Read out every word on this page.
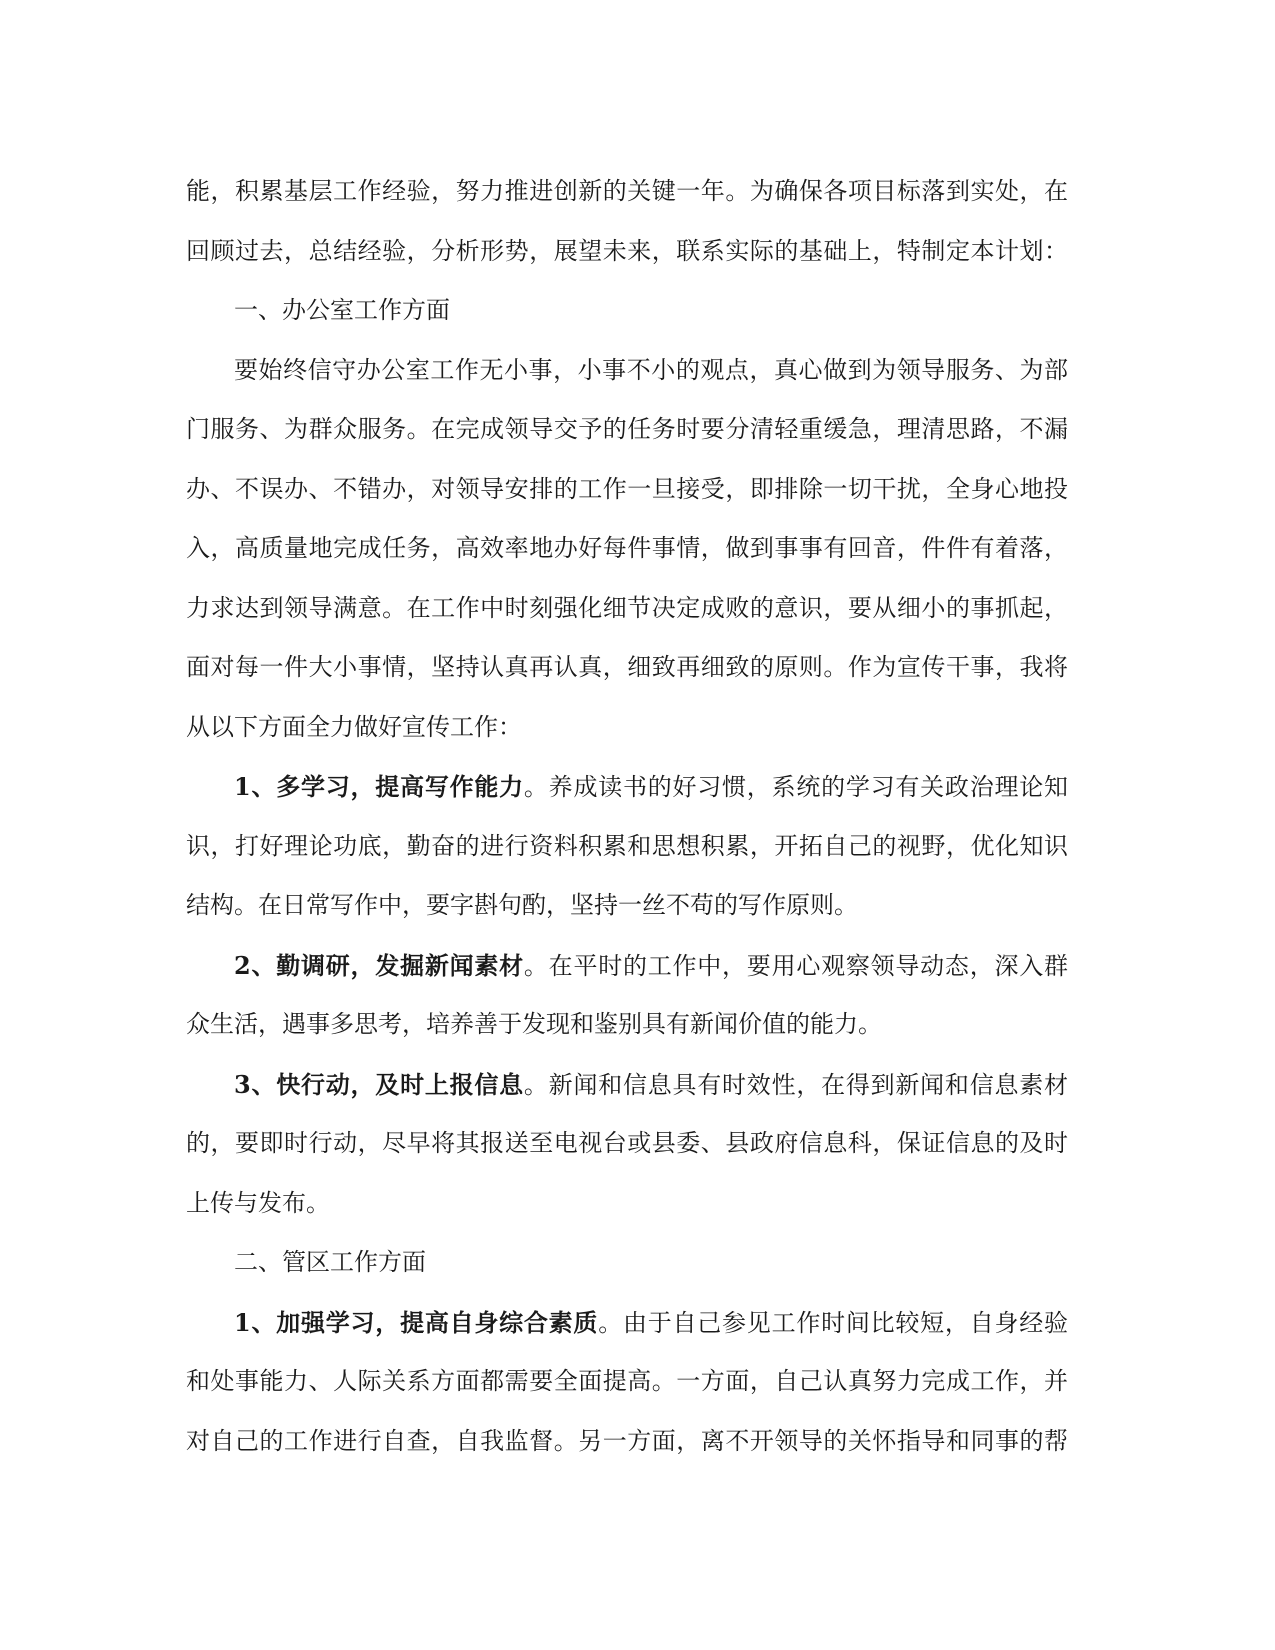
能，积累基层工作经验，努力推进创新的关键一年。为确保各项目标落到实处，在
回顾过去，总结经验，分析形势，展望未来，联系实际的基础上，特制定本计划：
一、办公室工作方面
要始终信守办公室工作无小事，小事不小的观点，真心做到为领导服务、为部
门服务、为群众服务。在完成领导交予的任务时要分清轻重缓急，理清思路，不漏
办、不误办、不错办，对领导安排的工作一旦接受，即排除一切干扰，全身心地投
入，高质量地完成任务，高效率地办好每件事情，做到事事有回音，件件有着落，
力求达到领导满意。在工作中时刻强化细节决定成败的意识，要从细小的事抓起，
面对每一件大小事情，坚持认真再认真，细致再细致的原则。作为宣传干事，我将
从以下方面全力做好宣传工作：
1、多学习，提高写作能力。养成读书的好习惯，系统的学习有关政治理论知
识，打好理论功底，勤奋的进行资料积累和思想积累，开拓自己的视野，优化知识
结构。在日常写作中，要字斟句酌，坚持一丝不苟的写作原则。
2、勤调研，发掘新闻素材。在平时的工作中，要用心观察领导动态，深入群
众生活，遇事多思考，培养善于发现和鉴别具有新闻价值的能力。
3、快行动，及时上报信息。新闻和信息具有时效性，在得到新闻和信息素材
的，要即时行动，尽早将其报送至电视台或县委、县政府信息科，保证信息的及时
上传与发布。
二、管区工作方面
1、加强学习，提高自身综合素质。由于自己参见工作时间比较短，自身经验
和处事能力、人际关系方面都需要全面提高。一方面，自己认真努力完成工作，并
对自己的工作进行自查，自我监督。另一方面，离不开领导的关怀指导和同事的帮
